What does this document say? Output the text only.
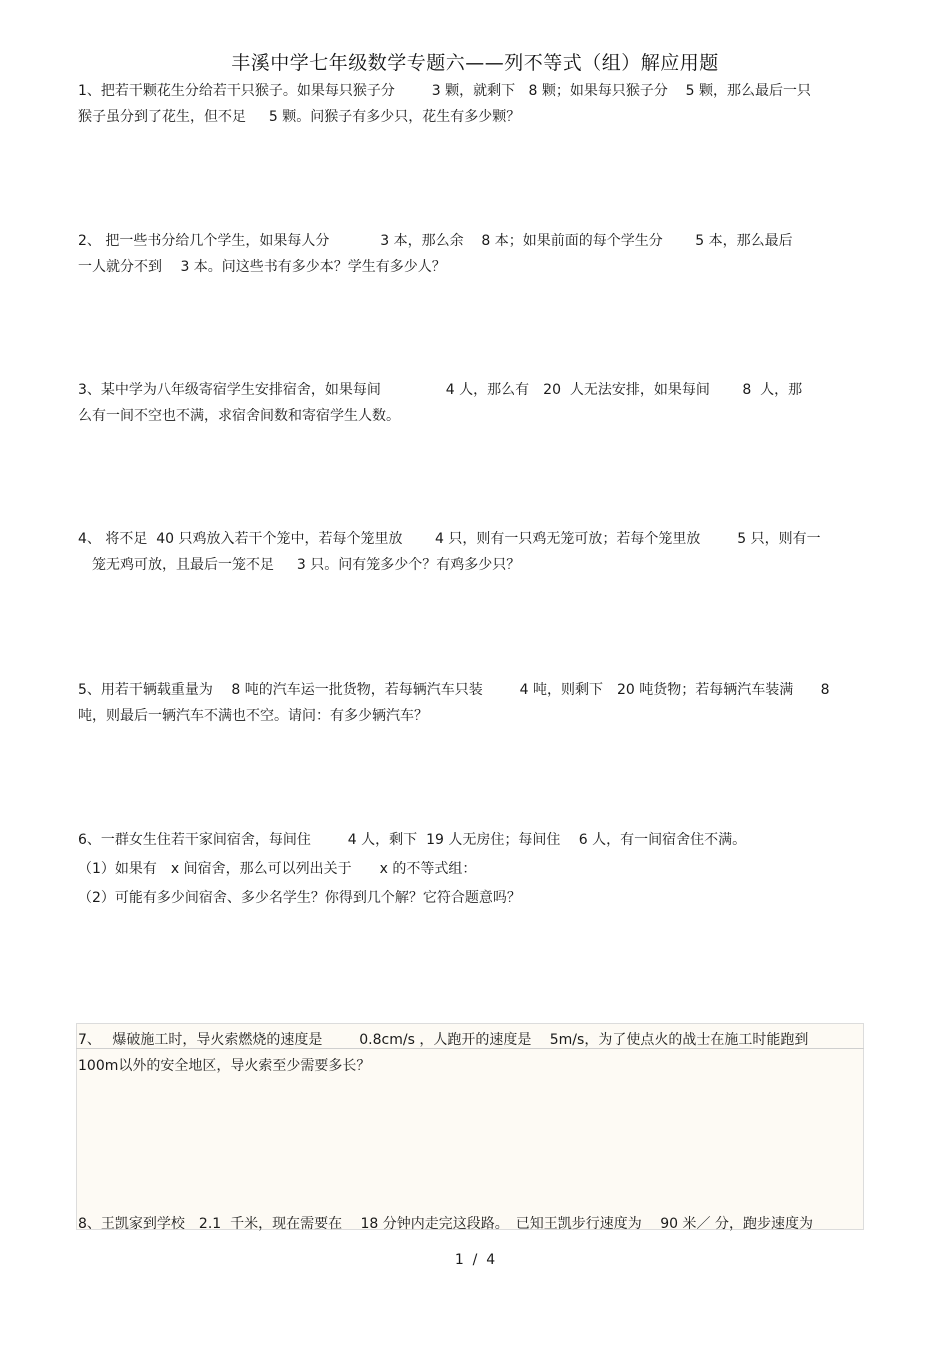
丰溪中学七年级数学专题六——列不等式（组）解应用题
1、把若干颗花生分给若干只猴子。如果每只猴子分　　  3 颗，就剩下   8 颗；如果每只猴子分    5 颗，那么最后一只
猴子虽分到了花生，但不足　  5 颗。问猴子有多少只，花生有多少颗？
2、 把一些书分给几个学生，如果每人分　　　  3 本，那么余    8 本；如果前面的每个学生分　　 5 本，那么最后
一人就分不到　 3 本。问这些书有多少本？学生有多少人？
3、某中学为八年级寄宿学生安排宿舍，如果每间　　　　  4 人，那么有　20  人无法安排，如果每间　　 8  人，那
么有一间不空也不满，求宿舍间数和寄宿学生人数。
4、 将不足  40 只鸡放入若干个笼中，若每个笼里放　　 4 只，则有一只鸡无笼可放；若每个笼里放　　  5 只，则有一
　笼无鸡可放，且最后一笼不足　  3 只。问有笼多少个？有鸡多少只？
5、用若干辆载重量为　 8 吨的汽车运一批货物，若每辆汽车只装　　  4 吨，则剩下　20 吨货物；若每辆汽车装满　   8
吨，则最后一辆汽车不满也不空。请问：有多少辆汽车？
6、一群女生住若干家间宿舍，每间住　　  4 人，剩下  19 人无房住；每间住　 6 人，有一间宿舍住不满。
（1）如果有　x 间宿舍，那么可以列出关于　　x 的不等式组：
（2）可能有多少间宿舍、多少名学生？你得到几个解？它符合题意吗？
7、　 爆破施工时，导火索燃烧的速度是　　  0.8cm/s ，人跑开的速度是　 5m/s，为了使点火的战士在施工时能跑到
100m以外的安全地区，导火索至少需要多长？
8、王凯家到学校　2.1  千米，现在需要在　 18 分钟内走完这段路。　已知王凯步行速度为　 90 米／ 分，跑步速度为
1  /  4
